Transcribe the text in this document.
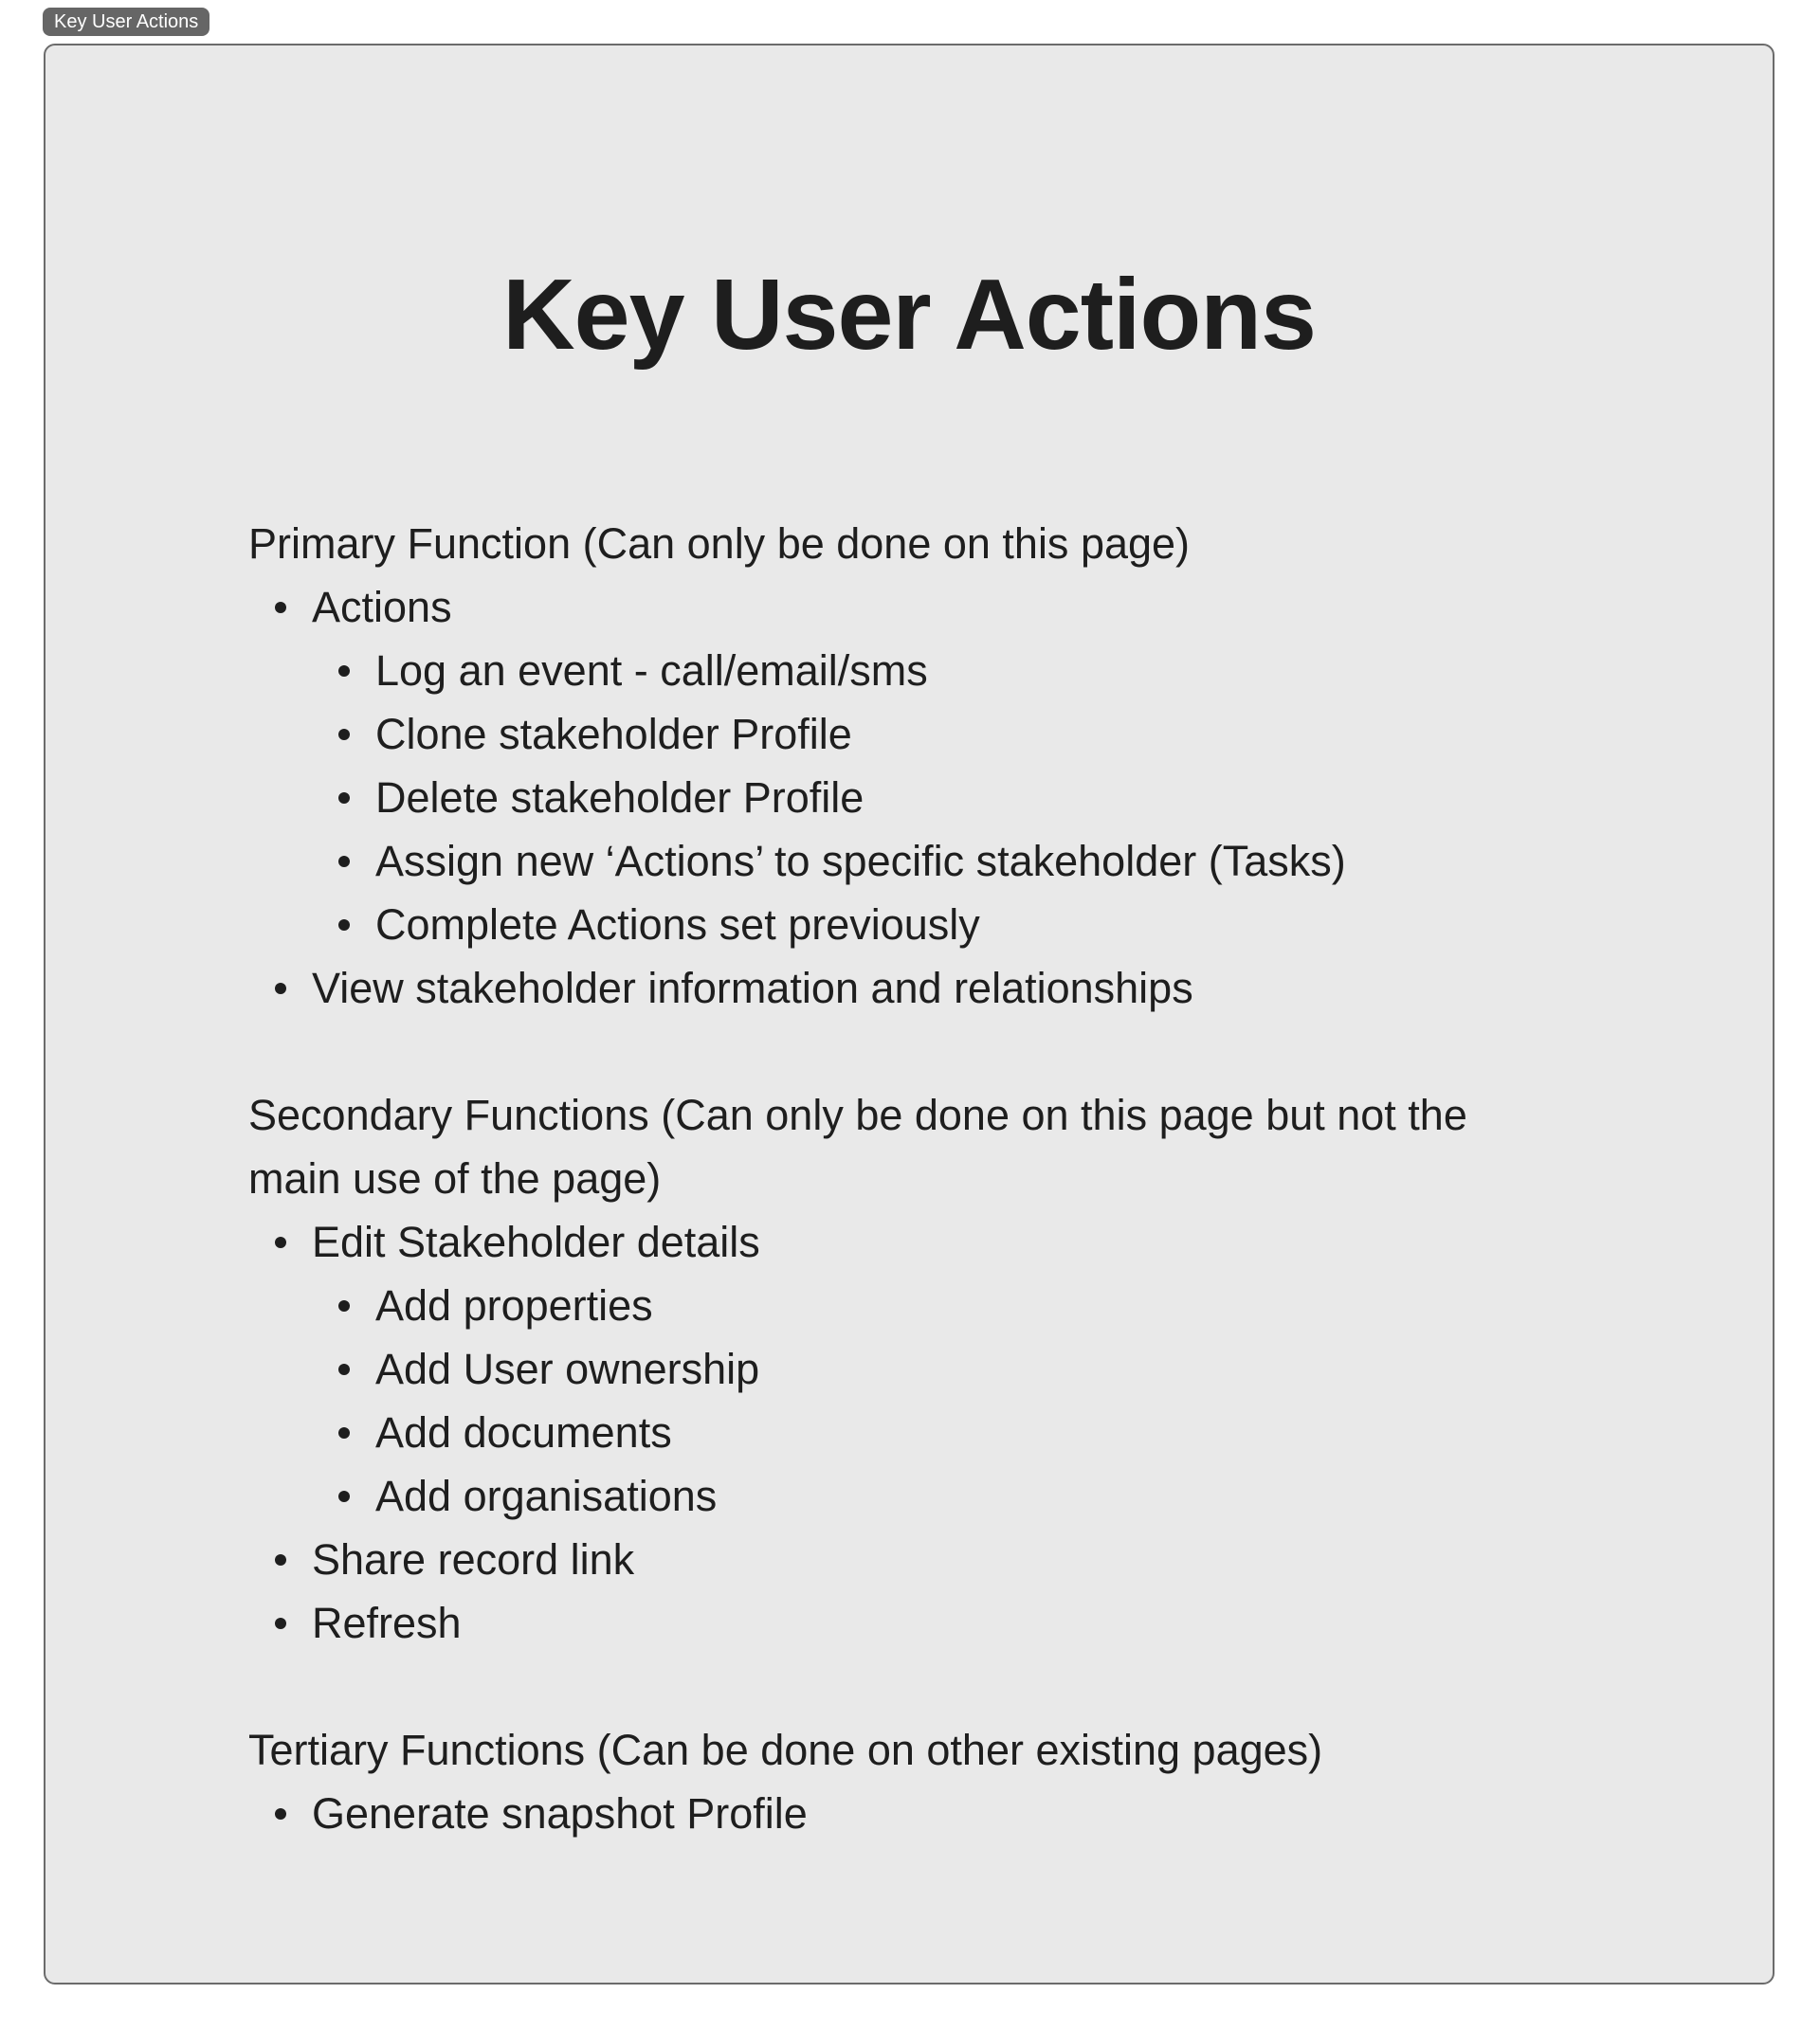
Key User Actions
Key User Actions

Primary Function (Can only be done on this page)

Actions
Log an event - call/email/sms
Clone stakeholder Profile
Delete stakeholder Profile
Assign new ‘Actions’ to specific stakeholder (Tasks)
Complete Actions set previously
View stakeholder information and relationships

Secondary Functions (Can only be done on this page but not the
main use of the page)

Edit Stakeholder details
Add properties
Add User ownership
Add documents
Add organisations
Share record link
Refresh

Tertiary Functions (Can be done on other existing pages)

Generate snapshot Profile
